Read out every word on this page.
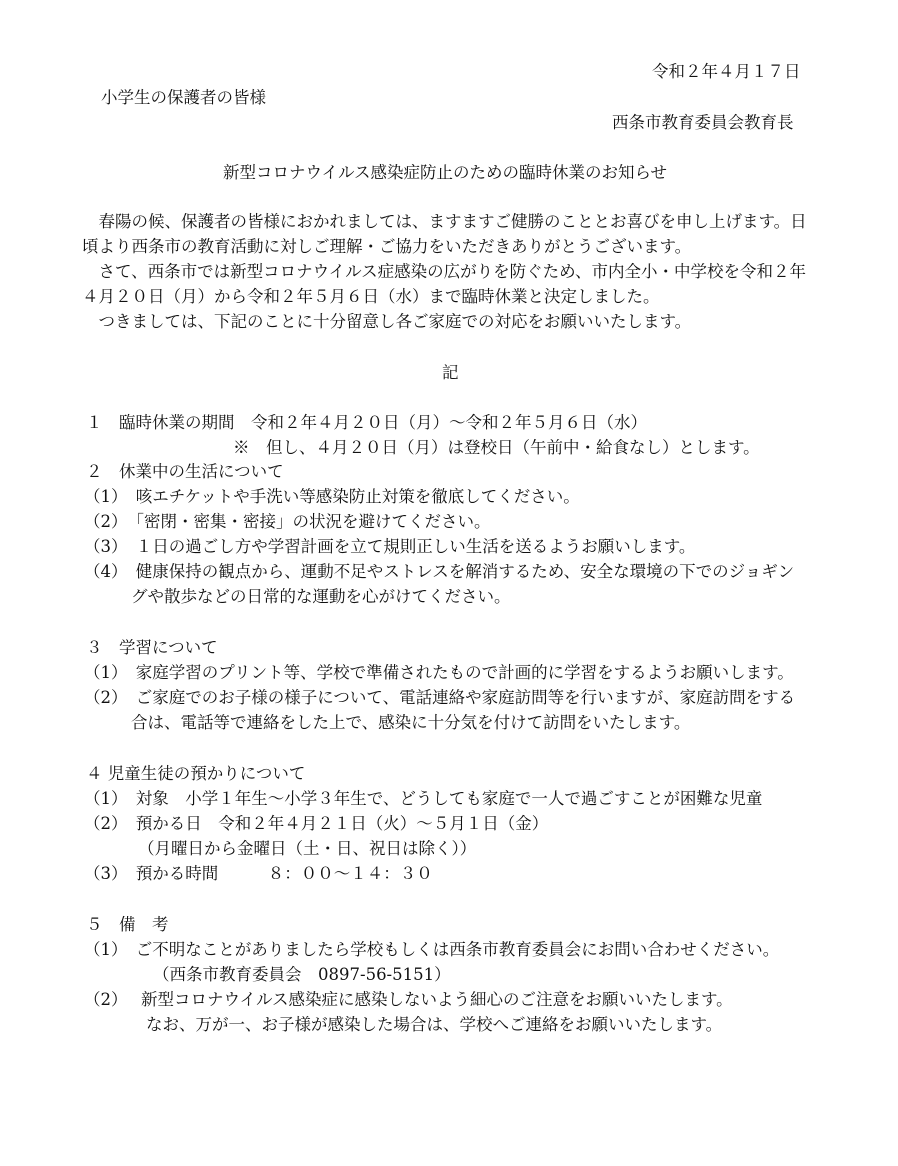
令和２年４月１７日

小学生の保護者の皆様

西条市教育委員会教育長

新型コロナウイルス感染症防止のための臨時休業のお知らせ

　春陽の候、保護者の皆様におかれましては、ますますご健勝のこととお喜びを申し上げます。日

頃より西条市の教育活動に対しご理解・ご協力をいただきありがとうございます。

　さて、西条市では新型コロナウイルス症感染の広がりを防ぐため、市内全小・中学校を令和２年

４月２０日（月）から令和２年５月６日（水）まで臨時休業と決定しました。

　つきましては、下記のことに十分留意し各ご家庭での対応をお願いいたします。

記

１　臨時休業の期間　令和２年４月２０日（月）～令和２年５月６日（水）

※　但し、４月２０日（月）は登校日（午前中・給食なし）とします。

２　休業中の生活について

（1）　咳エチケットや手洗い等感染防止対策を徹底してください。

（2）　「密閉・密集・密接」の状況を避けてください。

（3）　１日の過ごし方や学習計画を立て規則正しい生活を送るようお願いします。

（4）　健康保持の観点から、運動不足やストレスを解消するため、安全な環境の下でのジョギン

グや散歩などの日常的な運動を心がけてください。

３　学習について

（1）　家庭学習のプリント等、学校で準備されたもので計画的に学習をするようお願いします。

（2）　ご家庭でのお子様の様子について、電話連絡や家庭訪問等を行いますが、家庭訪問をする

合は、電話等で連絡をした上で、感染に十分気を付けて訪問をいたします。

４ 児童生徒の預かりについて

（1）　対象　小学１年生～小学３年生で、どうしても家庭で一人で過ごすことが困難な児童

（2）　預かる日　令和２年４月２１日（火）～５月１日（金）

（月曜日から金曜日（土・日、祝日は除く））

（3）　預かる時間　　　８：００～１４：３０

５　備　考

（1）　ご不明なことがありましたら学校もしくは西条市教育委員会にお問い合わせください。

（西条市教育委員会　0897-56-5151）

（2）　 新型コロナウイルス感染症に感染しないよう細心のご注意をお願いいたします。

なお、万が一、お子様が感染した場合は、学校へご連絡をお願いいたします。
